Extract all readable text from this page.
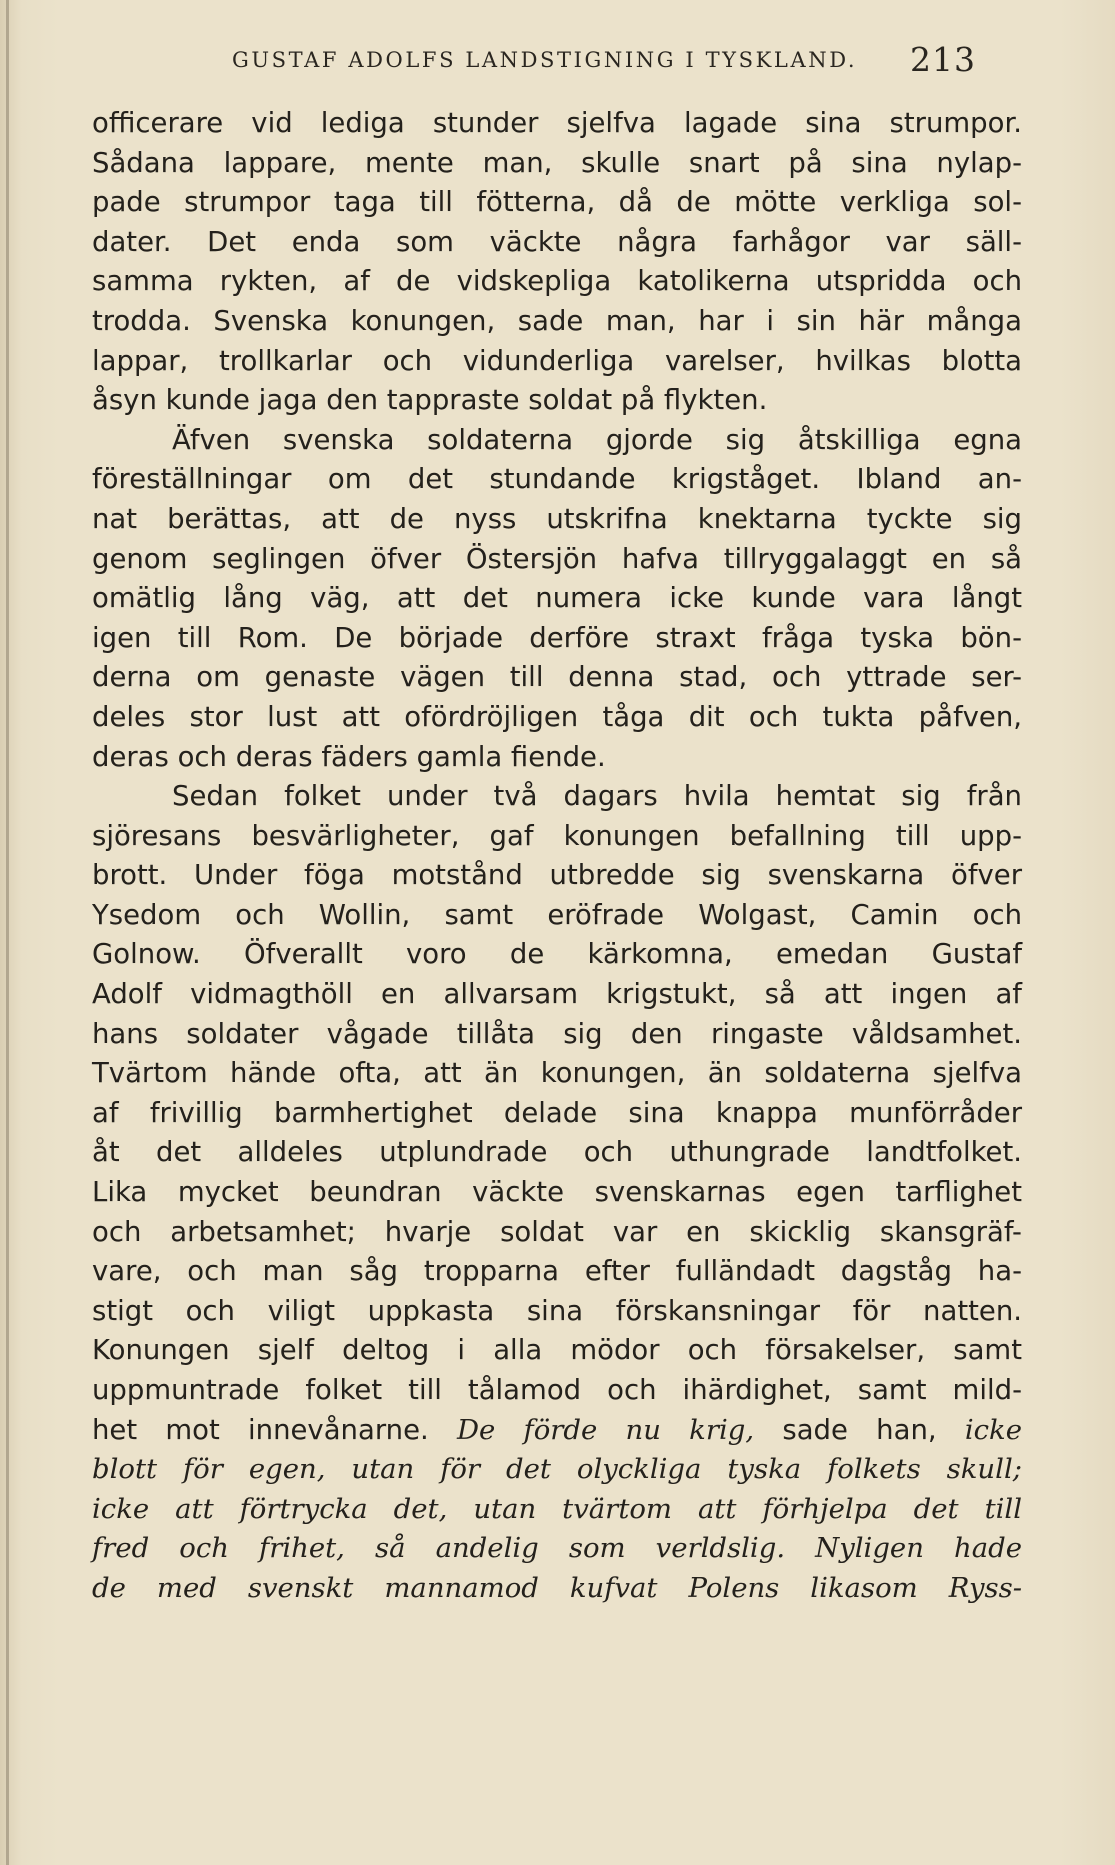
GUSTAF ADOLFS LANDSTIGNING I TYSKLAND. 213
officerare vid lediga stunder sjelfva lagade sina strumpor.
Sådana lappare, mente man, skulle snart på sina nylap-
pade strumpor taga till fötterna, då de mötte verkliga sol-
dater. Det enda som väckte några farhågor var säll-
samma rykten, af de vidskepliga katolikerna utspridda och
trodda. Svenska konungen, sade man, har i sin här många
lappar, trollkarlar och vidunderliga varelser, hvilkas blotta
åsyn kunde jaga den tappraste soldat på flykten.
Äfven svenska soldaterna gjorde sig åtskilliga egna
föreställningar om det stundande krigståget. Ibland an-
nat berättas, att de nyss utskrifna knektarna tyckte sig
genom seglingen öfver Östersjön hafva tillryggalaggt en så
omätlig lång väg, att det numera icke kunde vara långt
igen till Rom. De började derföre straxt fråga tyska bön-
derna om genaste vägen till denna stad, och yttrade ser-
deles stor lust att ofördröjligen tåga dit och tukta påfven,
deras och deras fäders gamla fiende.
Sedan folket under två dagars hvila hemtat sig från
sjöresans besvärligheter, gaf konungen befallning till upp-
brott. Under föga motstånd utbredde sig svenskarna öfver
Ysedom och Wollin, samt eröfrade Wolgast, Camin och
Golnow. Öfverallt voro de kärkomna, emedan Gustaf
Adolf vidmagthöll en allvarsam krigstukt, så att ingen af
hans soldater vågade tillåta sig den ringaste våldsamhet.
Tvärtom hände ofta, att än konungen, än soldaterna sjelfva
af frivillig barmhertighet delade sina knappa munförråder
åt det alldeles utplundrade och uthungrade landtfolket.
Lika mycket beundran väckte svenskarnas egen tarflighet
och arbetsamhet; hvarje soldat var en skicklig skansgräf-
vare, och man såg tropparna efter fulländadt dagståg ha-
stigt och viligt uppkasta sina förskansningar för natten.
Konungen sjelf deltog i alla mödor och försakelser, samt
uppmuntrade folket till tålamod och ihärdighet, samt mild-
het mot innevånarne. De förde nu krig, sade han, icke
blott för egen, utan för det olyckliga tyska folkets skull;
icke att förtrycka det, utan tvärtom att förhjelpa det till
fred och frihet, så andelig som verldslig. Nyligen hade
de med svenskt mannamod kufvat Polens likasom Ryss-
